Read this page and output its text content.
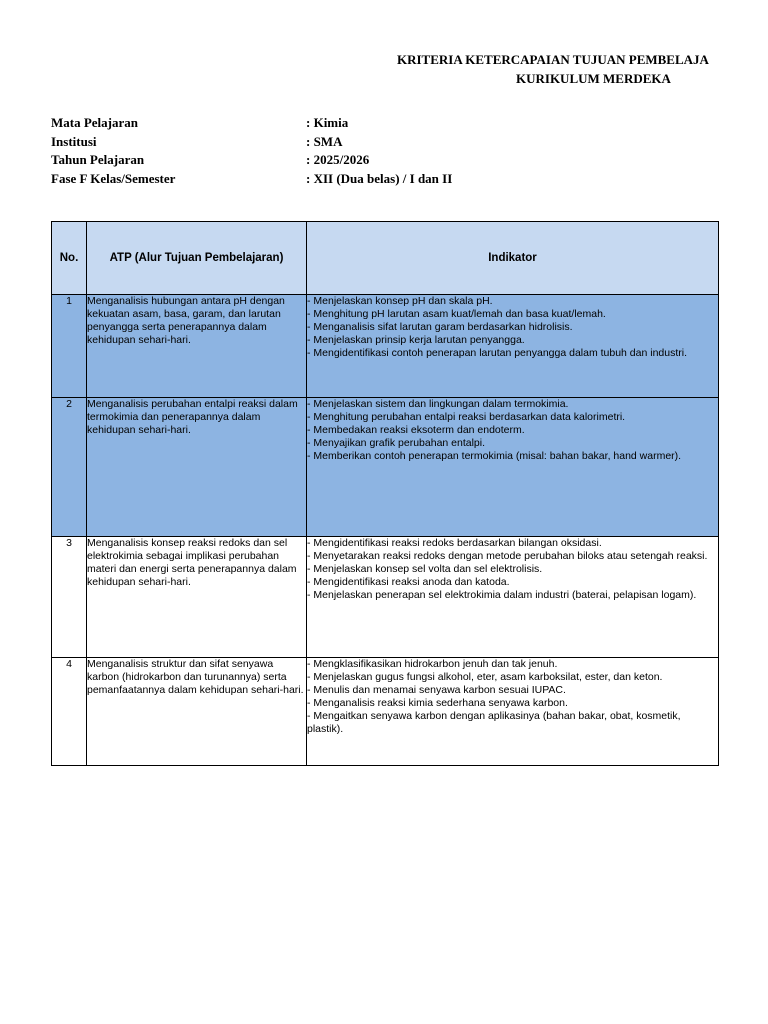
KRITERIA KETERCAPAIAN TUJUAN PEMBELAJA
KURIKULUM MERDEKA
Mata Pelajaran	: Kimia
Institusi	: SMA
Tahun Pelajaran	: 2025/2026
Fase F Kelas/Semester	: XII (Dua belas) / I dan II
No.	ATP (Alur Tujuan Pembelajaran)	Indikator
1	Menganalisis hubungan antara pH dengan kekuatan asam, basa, garam, dan larutan penyangga serta penerapannya dalam kehidupan sehari-hari.	- Menjelaskan konsep pH dan skala pH.
- Menghitung pH larutan asam kuat/lemah dan basa kuat/lemah.
- Menganalisis sifat larutan garam berdasarkan hidrolisis.
- Menjelaskan prinsip kerja larutan penyangga.
- Mengidentifikasi contoh penerapan larutan penyangga dalam tubuh dan industri.

2	Menganalisis perubahan entalpi reaksi dalam termokimia dan penerapannya dalam kehidupan sehari-hari.	- Menjelaskan sistem dan lingkungan dalam termokimia.
- Menghitung perubahan entalpi reaksi berdasarkan data kalorimetri.
- Membedakan reaksi eksoterm dan endoterm.
- Menyajikan grafik perubahan entalpi.
- Memberikan contoh penerapan termokimia (misal: bahan bakar, hand warmer).

3	Menganalisis konsep reaksi redoks dan sel elektrokimia sebagai implikasi perubahan materi dan energi serta penerapannya dalam kehidupan sehari-hari.	- Mengidentifikasi reaksi redoks berdasarkan bilangan oksidasi.
- Menyetarakan reaksi redoks dengan metode perubahan biloks atau setengah reaksi.
- Menjelaskan konsep sel volta dan sel elektrolisis.
- Mengidentifikasi reaksi anoda dan katoda.
- Menjelaskan penerapan sel elektrokimia dalam industri (baterai, pelapisan logam).

4	Menganalisis struktur dan sifat senyawa karbon (hidrokarbon dan turunannya) serta pemanfaatannya dalam kehidupan sehari-hari.	- Mengklasifikasikan hidrokarbon jenuh dan tak jenuh.
- Menjelaskan gugus fungsi alkohol, eter, asam karboksilat, ester, dan keton.
- Menulis dan menamai senyawa karbon sesuai IUPAC.
- Menganalisis reaksi kimia sederhana senyawa karbon.
- Mengaitkan senyawa karbon dengan aplikasinya (bahan bakar, obat, kosmetik, plastik).
